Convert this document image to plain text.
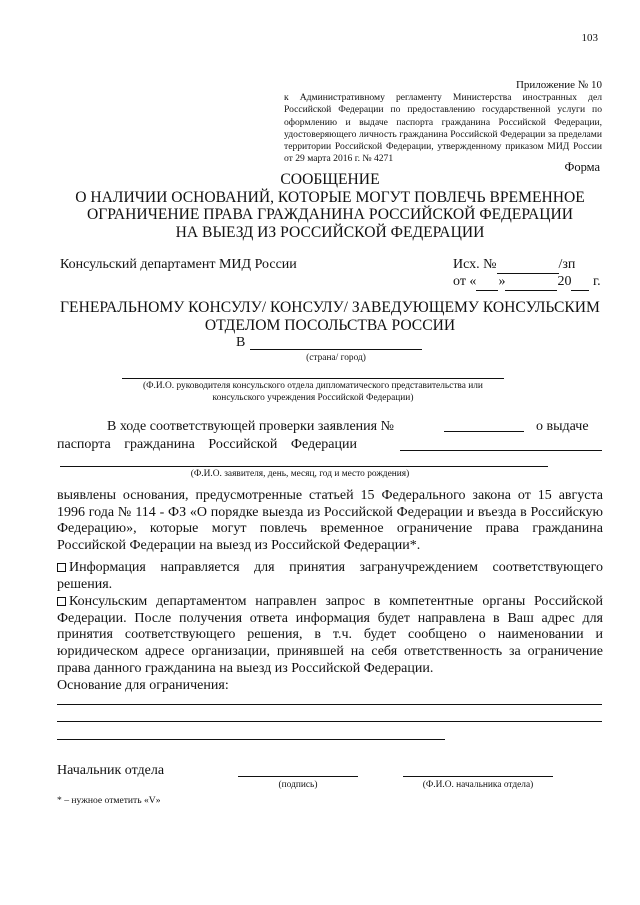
103
Приложение № 10
к Административному регламенту Министерства иностранных дел Российской Федерации по предоставлению государственной услуги по оформлению и выдаче паспорта гражданина Российской Федерации, удостоверяющего личность гражданина Российской Федерации за пределами территории Российской Федерации, утвержденному приказом МИД России от 29 марта 2016 г. № 4271
Форма
СООБЩЕНИЕ
О НАЛИЧИИ ОСНОВАНИЙ, КОТОРЫЕ МОГУТ ПОВЛЕЧЬ ВРЕМЕННОЕ
ОГРАНИЧЕНИЕ ПРАВА ГРАЖДАНИНА РОССИЙСКОЙ ФЕДЕРАЦИИ
НА ВЫЕЗД ИЗ РОССИЙСКОЙ ФЕДЕРАЦИИ
Консульский департамент МИД России	Исх. №	/зп
от « »	20 г.
ГЕНЕРАЛЬНОМУ КОНСУЛУ/ КОНСУЛУ/ ЗАВЕДУЮЩЕМУ КОНСУЛЬСКИМ
ОТДЕЛОМ ПОСОЛЬСТВА РОССИИ
В
(страна/ город)
(Ф.И.О. руководителя консульского отдела дипломатического представительства или
консульского учреждения Российской Федерации)
В ходе соответствующей проверки заявления №	о выдаче
паспорта гражданина Российской Федерации
(Ф.И.О. заявителя, день, месяц, год и место рождения)
выявлены основания, предусмотренные статьей 15 Федерального закона от 15 августа 1996 года № 114 - ФЗ «О порядке выезда из Российской Федерации и въезда в Российскую Федерацию», которые могут повлечь временное ограничение права гражданина Российской Федерации на выезд из Российской Федерации*.
Информация направляется для принятия загранучреждением соответствующего решения.
Консульским департаментом направлен запрос в компетентные органы Российской Федерации. После получения ответа информация будет направлена в Ваш адрес для принятия соответствующего решения, в т.ч. будет сообщено о наименовании и юридическом адресе организации, принявшей на себя ответственность за ограничение права данного гражданина на выезд из Российской Федерации.
Основание для ограничения:
Начальник отдела
(подпись)	(Ф.И.О. начальника отдела)
* – нужное отметить «V»
